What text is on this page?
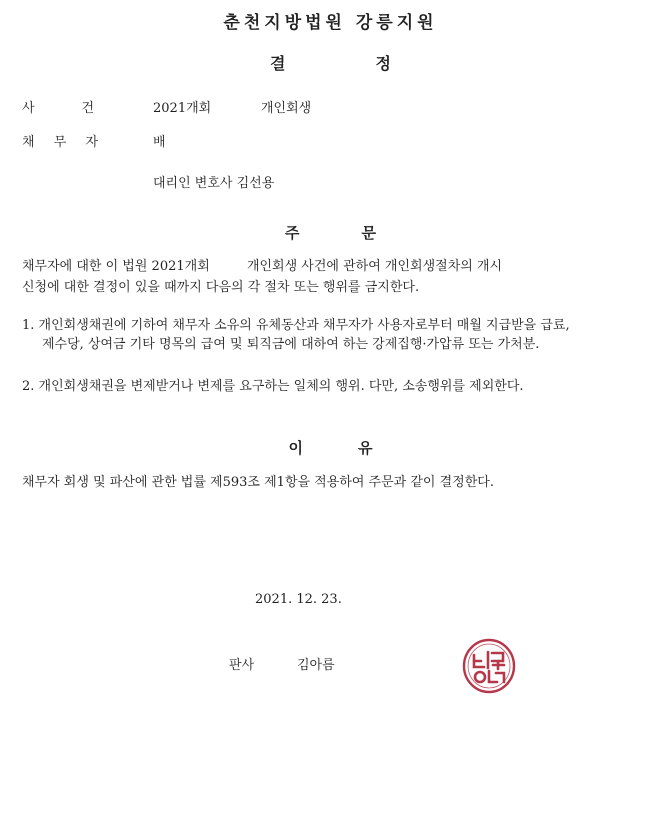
춘천지방법원 강릉지원
결	정
사	건	2021개회	개인회생
채 무 자	배
대리인 변호사 김선용
주	문
채무자에 대한 이 법원 2021개회         개인회생 사건에 관하여 개인회생절차의 개시
신청에 대한 결정이 있을 때까지 다음의 각 절차 또는 행위를 금지한다.
1. 개인회생채권에 기하여 채무자 소유의 유체동산과 채무자가 사용자로부터 매월 지급받을 급료, 제수당, 상여금 기타 명목의 급여 및 퇴직금에 대하여 하는 강제집행·가압류 또는 가처분.
2. 개인회생채권을 변제받거나 변제를 요구하는 일체의 행위. 다만, 소송행위를 제외한다.
이	유
채무자 회생 및 파산에 관한 법률 제593조 제1항을 적용하여 주문과 같이 결정한다.
2021. 12. 23.
판사	김아름
